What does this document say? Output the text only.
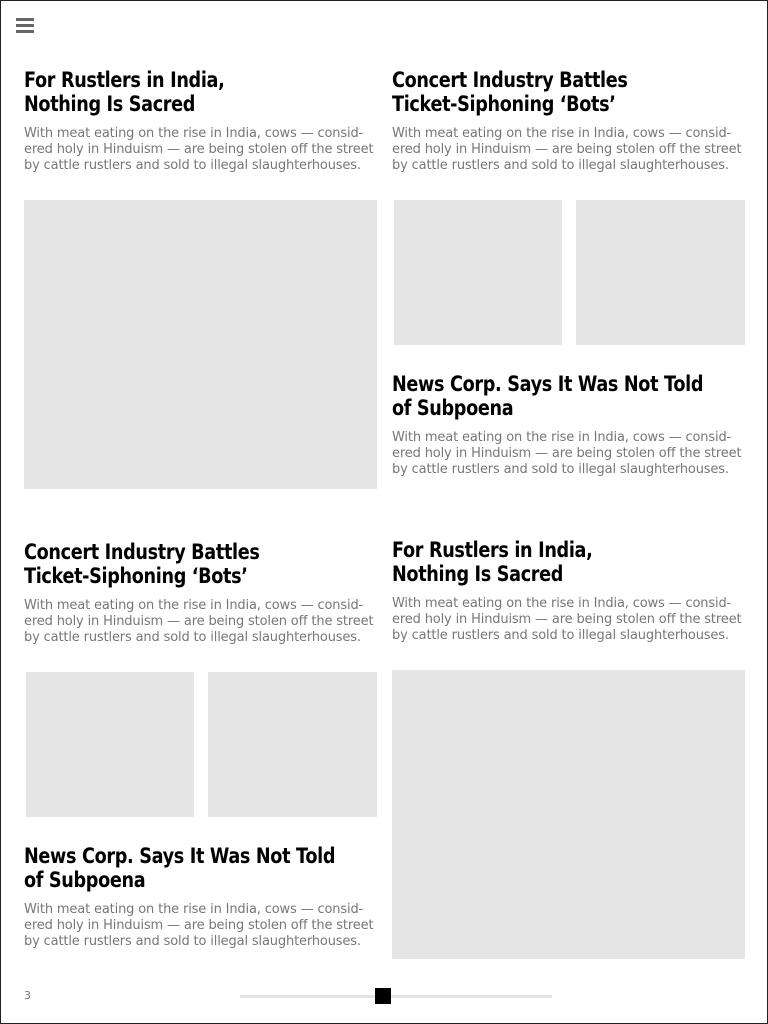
For Rustlers in India,
Nothing Is Sacred

With meat eating on the rise in India, cows — consid-
ered holy in Hinduism — are being stolen off the street
by cattle rustlers and sold to illegal slaughterhouses.

Concert Industry Battles
Ticket-Siphoning ‘Bots’

With meat eating on the rise in India, cows — consid-
ered holy in Hinduism — are being stolen off the street
by cattle rustlers and sold to illegal slaughterhouses.

News Corp. Says It Was Not Told
of Subpoena

With meat eating on the rise in India, cows — consid-
ered holy in Hinduism — are being stolen off the street
by cattle rustlers and sold to illegal slaughterhouses.

Concert Industry Battles
Ticket-Siphoning ‘Bots’

With meat eating on the rise in India, cows — consid-
ered holy in Hinduism — are being stolen off the street
by cattle rustlers and sold to illegal slaughterhouses.

For Rustlers in India,
Nothing Is Sacred

With meat eating on the rise in India, cows — consid-
ered holy in Hinduism — are being stolen off the street
by cattle rustlers and sold to illegal slaughterhouses.

News Corp. Says It Was Not Told
of Subpoena

With meat eating on the rise in India, cows — consid-
ered holy in Hinduism — are being stolen off the street
by cattle rustlers and sold to illegal slaughterhouses.

3
